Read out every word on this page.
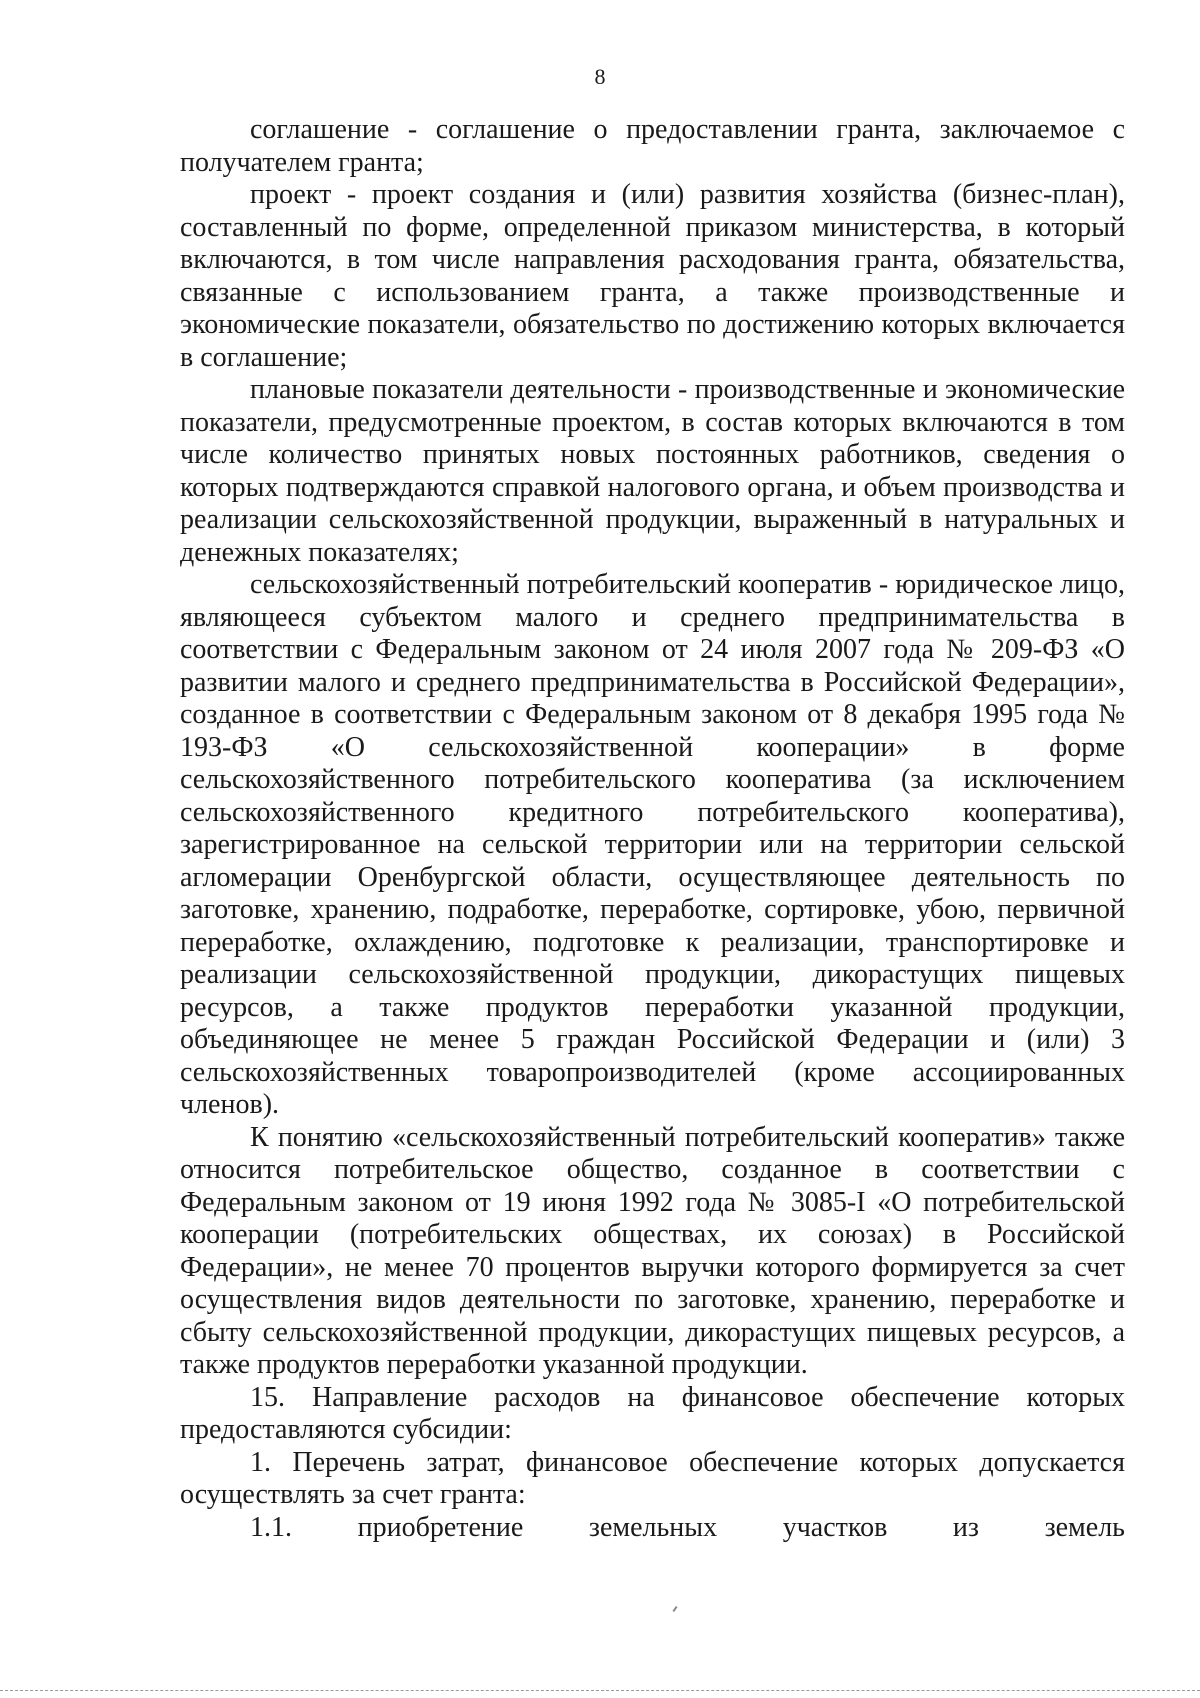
8

соглашение - соглашение о предоставлении гранта, заключаемое с получателем гранта;

проект - проект создания и (или) развития хозяйства (бизнес-план), составленный по форме, определенной приказом министерства, в который включаются, в том числе направления расходования гранта, обязательства, связанные с использованием гранта, а также производственные и экономические показатели, обязательство по достижению которых включается в соглашение;

плановые показатели деятельности - производственные и экономические показатели, предусмотренные проектом, в состав которых включаются в том числе количество принятых новых постоянных работников, сведения о которых подтверждаются справкой налогового органа, и объем производства и реализации сельскохозяйственной продукции, выраженный в натуральных и денежных показателях;

сельскохозяйственный потребительский кооператив - юридическое лицо, являющееся субъектом малого и среднего предпринимательства в соответствии с Федеральным законом от 24 июля 2007 года № 209-ФЗ «О развитии малого и среднего предпринимательства в Российской Федерации», созданное в соответствии с Федеральным законом от 8 декабря 1995 года № 193-ФЗ «О сельскохозяйственной кооперации» в форме сельскохозяйственного потребительского кооператива (за исключением сельскохозяйственного кредитного потребительского кооператива), зарегистрированное на сельской территории или на территории сельской агломерации Оренбургской области, осуществляющее деятельность по заготовке, хранению, подработке, переработке, сортировке, убою, первичной переработке, охлаждению, подготовке к реализации, транспортировке и реализации сельскохозяйственной продукции, дикорастущих пищевых ресурсов, а также продуктов переработки указанной продукции, объединяющее не менее 5 граждан Российской Федерации и (или) 3 сельскохозяйственных товаропроизводителей (кроме ассоциированных членов).

К понятию «сельскохозяйственный потребительский кооператив» также относится потребительское общество, созданное в соответствии с Федеральным законом от 19 июня 1992 года № 3085-I «О потребительской кооперации (потребительских обществах, их союзах) в Российской Федерации», не менее 70 процентов выручки которого формируется за счет осуществления видов деятельности по заготовке, хранению, переработке и сбыту сельскохозяйственной продукции, дикорастущих пищевых ресурсов, а также продуктов переработки указанной продукции.

15. Направление расходов на финансовое обеспечение которых предоставляются субсидии:

1. Перечень затрат, финансовое обеспечение которых допускается осуществлять за счет гранта:

1.1. приобретение земельных участков из земель
